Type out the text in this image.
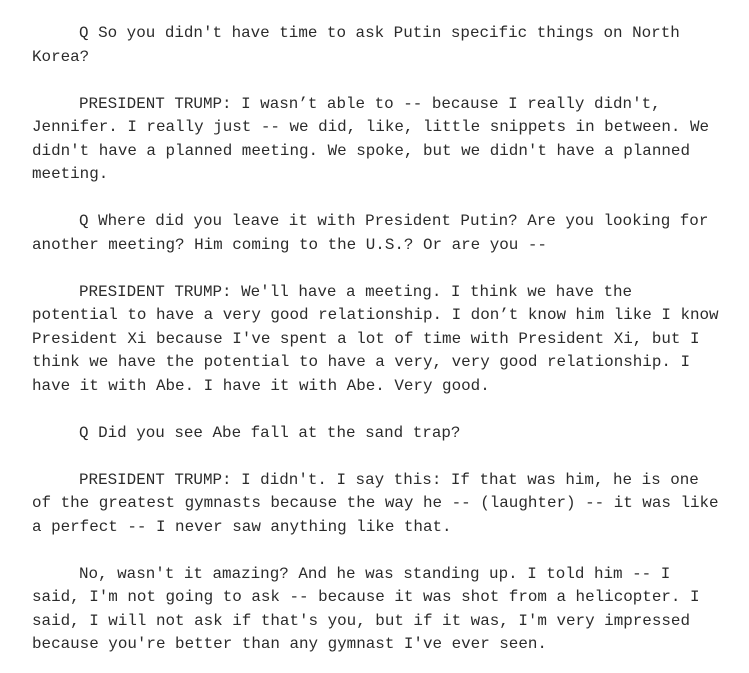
Q So you didn't have time to ask Putin specific things on North Korea?

PRESIDENT TRUMP: I wasn’t able to -- because I really didn't, Jennifer. I really just -- we did, like, little snippets in between. We didn't have a planned meeting. We spoke, but we didn't have a planned meeting.

Q Where did you leave it with President Putin? Are you looking for another meeting? Him coming to the U.S.? Or are you --

PRESIDENT TRUMP: We'll have a meeting. I think we have the potential to have a very good relationship. I don’t know him like I know President Xi because I've spent a lot of time with President Xi, but I think we have the potential to have a very, very good relationship. I have it with Abe. I have it with Abe. Very good.

Q Did you see Abe fall at the sand trap?

PRESIDENT TRUMP: I didn't. I say this: If that was him, he is one of the greatest gymnasts because the way he -- (laughter) -- it was like a perfect -- I never saw anything like that.

No, wasn't it amazing? And he was standing up. I told him -- I said, I'm not going to ask -- because it was shot from a helicopter. I said, I will not ask if that's you, but if it was, I'm very impressed because you're better than any gymnast I've ever seen.
